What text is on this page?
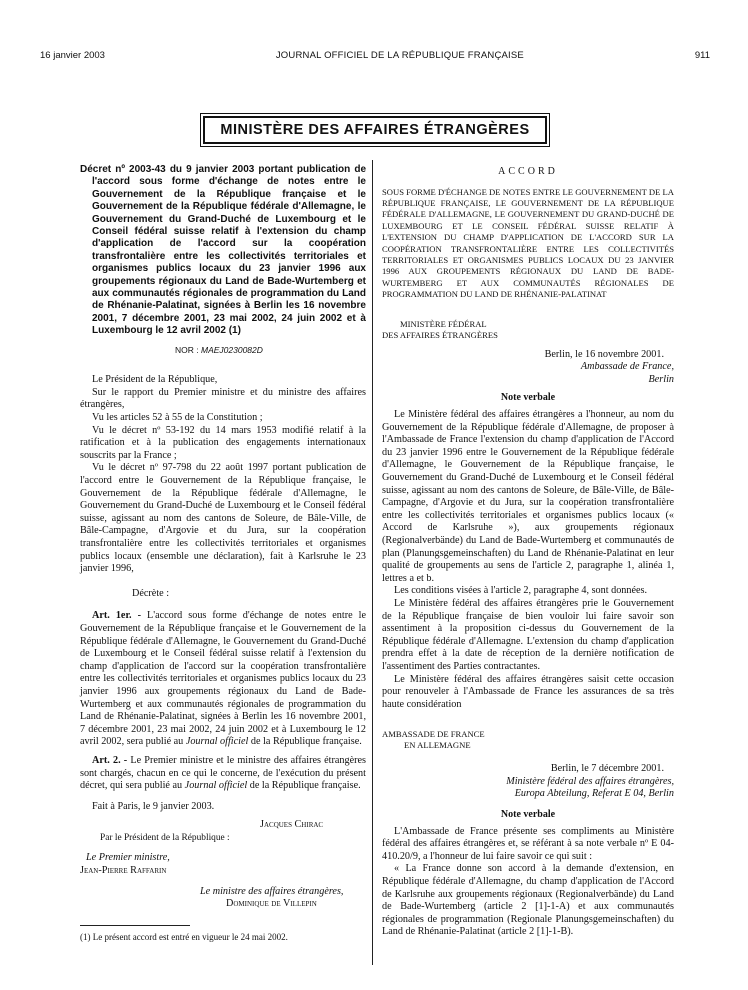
16 janvier 2003	JOURNAL OFFICIEL DE LA RÉPUBLIQUE FRANÇAISE	911
MINISTÈRE DES AFFAIRES ÉTRANGÈRES

Décret nº 2003-43 du 9 janvier 2003 portant publication de l'accord sous forme d'échange de notes entre le Gouvernement de la République française et le Gouvernement de la République fédérale d'Allemagne, le Gouvernement du Grand-Duché de Luxembourg et le Conseil fédéral suisse relatif à l'extension du champ d'application de l'accord sur la coopération transfrontalière entre les collectivités territoriales et organismes publics locaux du 23 janvier 1996 aux groupements régionaux du Land de Bade-Wurtemberg et aux communautés régionales de programmation du Land de Rhénanie-Palatinat, signées à Berlin les 16 novembre 2001, 7 décembre 2001, 23 mai 2002, 24 juin 2002 et à Luxembourg le 12 avril 2002 (1)

NOR : MAEJ0230082D

Le Président de la République,

Sur le rapport du Premier ministre et du ministre des affaires étrangères,

Vu les articles 52 à 55 de la Constitution ;

Vu le décret nº 53-192 du 14 mars 1953 modifié relatif à la ratification et à la publication des engagements internationaux souscrits par la France ;

Vu le décret nº 97-798 du 22 août 1997 portant publication de l'accord entre le Gouvernement de la République française, le Gouvernement de la République fédérale d'Allemagne, le Gouvernement du Grand-Duché de Luxembourg et le Conseil fédéral suisse, agissant au nom des cantons de Soleure, de Bâle-Ville, de Bâle-Campagne, d'Argovie et du Jura, sur la coopération transfrontalière entre les collectivités territoriales et organismes publics locaux (ensemble une déclaration), fait à Karlsruhe le 23 janvier 1996,

Décrète :

Art. 1er. - L'accord sous forme d'échange de notes entre le Gouvernement de la République française et le Gouvernement de la République fédérale d'Allemagne, le Gouvernement du Grand-Duché de Luxembourg et le Conseil fédéral suisse relatif à l'extension du champ d'application de l'accord sur la coopération transfrontalière entre les collectivités territoriales et organismes publics locaux du 23 janvier 1996 aux groupements régionaux du Land de Bade-Wurtemberg et aux communautés régionales de programmation du Land de Rhénanie-Palatinat, signées à Berlin les 16 novembre 2001, 7 décembre 2001, 23 mai 2002, 24 juin 2002 et à Luxembourg le 12 avril 2002, sera publié au Journal officiel de la République française.

Art. 2. - Le Premier ministre et le ministre des affaires étrangères sont chargés, chacun en ce qui le concerne, de l'exécution du présent décret, qui sera publié au Journal officiel de la République française.

Fait à Paris, le 9 janvier 2003.

Jacques Chirac

Par le Président de la République :

Le Premier ministre,

Jean-Pierre Raffarin

Le ministre des affaires étrangères,

Dominique de Villepin

(1) Le présent accord est entré en vigueur le 24 mai 2002.

ACCORD

SOUS FORME D'ÉCHANGE DE NOTES ENTRE LE GOUVERNEMENT DE LA RÉPUBLIQUE FRANÇAISE, LE GOUVERNEMENT DE LA RÉPUBLIQUE FÉDÉRALE D'ALLEMAGNE, LE GOUVERNEMENT DU GRAND-DUCHÉ DE LUXEMBOURG ET LE CONSEIL FÉDÉRAL SUISSE RELATIF À L'EXTENSION DU CHAMP D'APPLICATION DE L'ACCORD SUR LA COOPÉRATION TRANSFRONTALIÈRE ENTRE LES COLLECTIVITÉS TERRITORIALES ET ORGANISMES PUBLICS LOCAUX DU 23 JANVIER 1996 AUX GROUPEMENTS RÉGIONAUX DU LAND DE BADE-WURTEMBERG ET AUX COMMUNAUTÉS RÉGIONALES DE PROGRAMMATION DU LAND DE RHÉNANIE-PALATINAT

MINISTÈRE FÉDÉRAL

DES AFFAIRES ÉTRANGÈRES

Berlin, le 16 novembre 2001.

Ambassade de France,

Berlin

Note verbale

Le Ministère fédéral des affaires étrangères a l'honneur, au nom du Gouvernement de la République fédérale d'Allemagne, de proposer à l'Ambassade de France l'extension du champ d'application de l'Accord du 23 janvier 1996 entre le Gouvernement de la République fédérale d'Allemagne, le Gouvernement de la République française, le Gouvernement du Grand-Duché de Luxembourg et le Conseil fédéral suisse, agissant au nom des cantons de Soleure, de Bâle-Ville, de Bâle-Campagne, d'Argovie et du Jura, sur la coopération transfrontalière entre les collectivités territoriales et organismes publics locaux (« Accord de Karlsruhe »), aux groupements régionaux (Regionalverbände) du Land de Bade-Wurtemberg et communautés de plan (Planungsgemeinschaften) du Land de Rhénanie-Palatinat en leur qualité de groupements au sens de l'article 2, paragraphe 1, alinéa 1, lettres a et b.

Les conditions visées à l'article 2, paragraphe 4, sont données.

Le Ministère fédéral des affaires étrangères prie le Gouvernement de la République française de bien vouloir lui faire savoir son assentiment à la proposition ci-dessus du Gouvernement de la République fédérale d'Allemagne. L'extension du champ d'application prendra effet à la date de réception de la dernière notification de l'assentiment des Parties contractantes.

Le Ministère fédéral des affaires étrangères saisit cette occasion pour renouveler à l'Ambassade de France les assurances de sa très haute considération

AMBASSADE DE FRANCE

EN ALLEMAGNE

Berlin, le 7 décembre 2001.

Ministère fédéral des affaires étrangères,

Europa Abteilung, Referat E 04, Berlin

Note verbale

L'Ambassade de France présente ses compliments au Ministère fédéral des affaires étrangères et, se référant à sa note verbale nº E 04-410.20/9, a l'honneur de lui faire savoir ce qui suit :

« La France donne son accord à la demande d'extension, en République fédérale d'Allemagne, du champ d'application de l'Accord de Karlsruhe aux groupements régionaux (Regionalverbände) du Land de Bade-Wurtemberg (article 2 [1]-1-A) et aux communautés régionales de programmation (Regionale Planungsgemeinschaften) du Land de Rhénanie-Palatinat (article 2 [1]-1-B).
